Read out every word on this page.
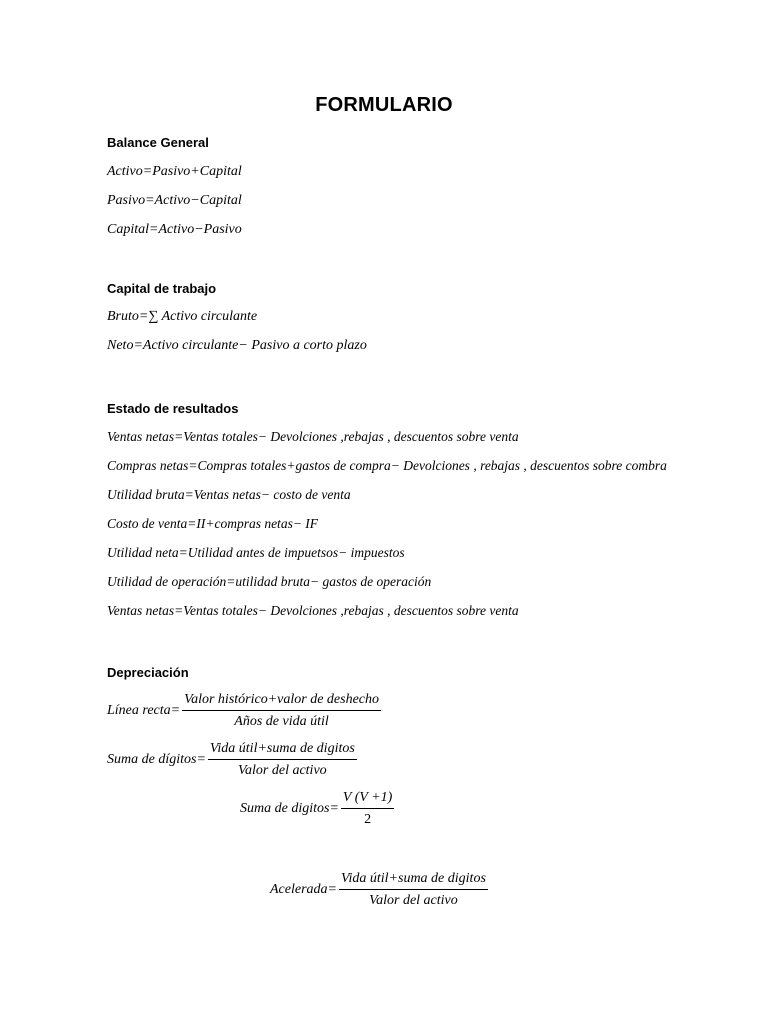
FORMULARIO
Balance General
Activo=Pasivo+Capital
Pasivo=Activo−Capital
Capital=Activo−Pasivo
Capital de trabajo
Bruto=∑ Activo circulante
Neto=Activo circulante− Pasivo a corto plazo
Estado de resultados
Ventas netas=Ventas totales− Devolciones ,rebajas , descuentos sobre venta
Compras netas=Compras totales+gastos de compra− Devolciones , rebajas , descuentos sobre combra
Utilidad bruta=Ventas netas− costo de venta
Costo de venta=II+compras netas− IF
Utilidad neta=Utilidad antes de impuetsos− impuestos
Utilidad de operación=utilidad bruta− gastos de operación
Ventas netas=Ventas totales− Devolciones ,rebajas , descuentos sobre venta
Depreciación
Línea recta= $\frac{\text{Valor histórico+valor de deshecho}}{\text{Años de vida útil}}$
Suma de dígitos= $\frac{\text{Vida útil+suma de digitos}}{\text{Valor del activo}}$
Suma de digitos= $\frac{V (V +1)}{2}$
Acelerada= $\frac{\text{Vida útil+suma de digitos}}{\text{Valor del activo}}$
